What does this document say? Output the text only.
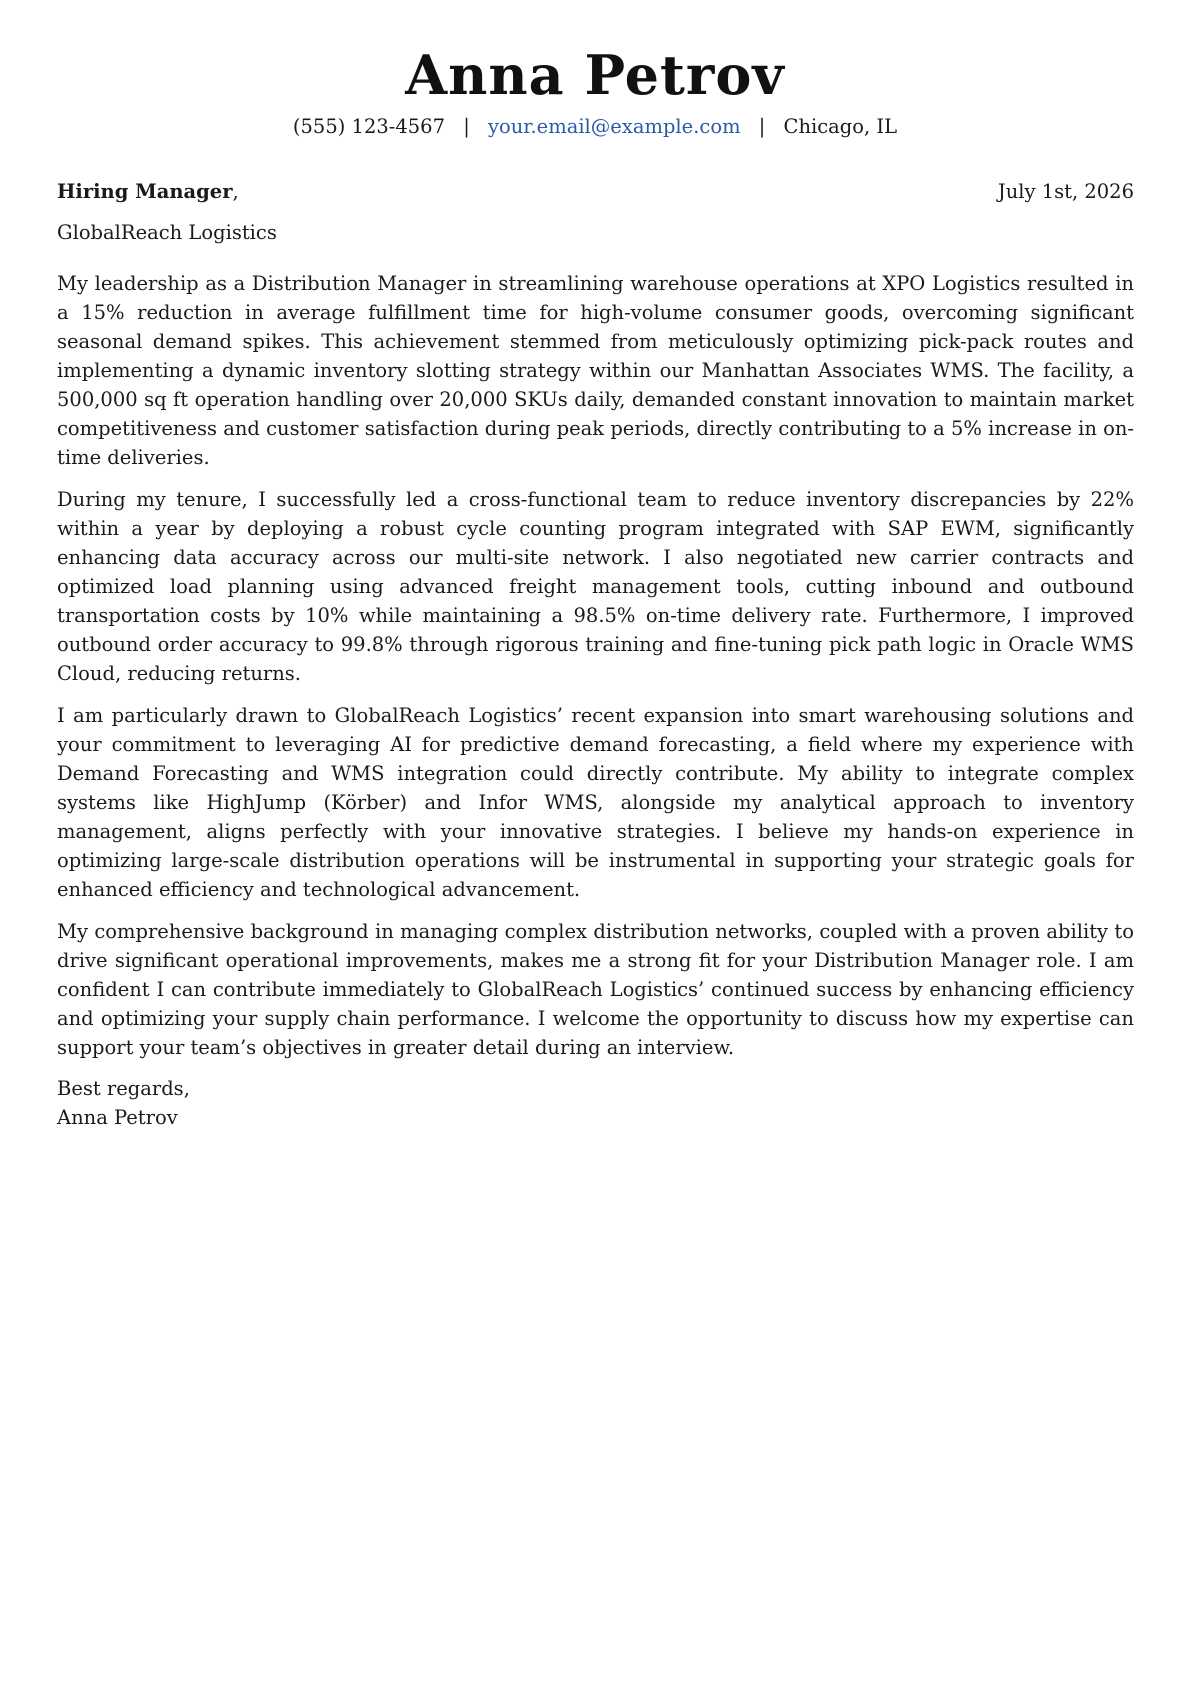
Anna Petrov
(555) 123-4567 | your.email@example.com | Chicago, IL
Hiring Manager,	July 1st, 2026
GlobalReach Logistics

My leadership as a Distribution Manager in streamlining warehouse operations at XPO Logistics resulted in a 15% reduction in average fulfillment time for high-volume consumer goods, overcoming significant seasonal demand spikes. This achievement stemmed from meticulously optimizing pick-pack routes and implementing a dynamic inventory slotting strategy within our Manhattan Associates WMS. The facility, a 500,000 sq ft operation handling over 20,000 SKUs daily, demanded constant innovation to maintain market competitiveness and customer satisfaction during peak periods, directly contributing to a 5% increase in on-time deliveries.

During my tenure, I successfully led a cross-functional team to reduce inventory discrepancies by 22% within a year by deploying a robust cycle counting program integrated with SAP EWM, significantly enhancing data accuracy across our multi-site network. I also negotiated new carrier contracts and optimized load planning using advanced freight management tools, cutting inbound and outbound transportation costs by 10% while maintaining a 98.5% on-time delivery rate. Furthermore, I improved outbound order accuracy to 99.8% through rigorous training and fine-tuning pick path logic in Oracle WMS Cloud, reducing returns.

I am particularly drawn to GlobalReach Logistics’ recent expansion into smart warehousing solutions and your commitment to leveraging AI for predictive demand forecasting, a field where my experience with Demand Forecasting and WMS integration could directly contribute. My ability to integrate complex systems like HighJump (Körber) and Infor WMS, alongside my analytical approach to inventory management, aligns perfectly with your innovative strategies. I believe my hands-on experience in optimizing large-scale distribution operations will be instrumental in supporting your strategic goals for enhanced efficiency and technological advancement.

My comprehensive background in managing complex distribution networks, coupled with a proven ability to drive significant operational improvements, makes me a strong fit for your Distribution Manager role. I am confident I can contribute immediately to GlobalReach Logistics’ continued success by enhancing efficiency and optimizing your supply chain performance. I welcome the opportunity to discuss how my expertise can support your team’s objectives in greater detail during an interview.

Best regards,
Anna Petrov
